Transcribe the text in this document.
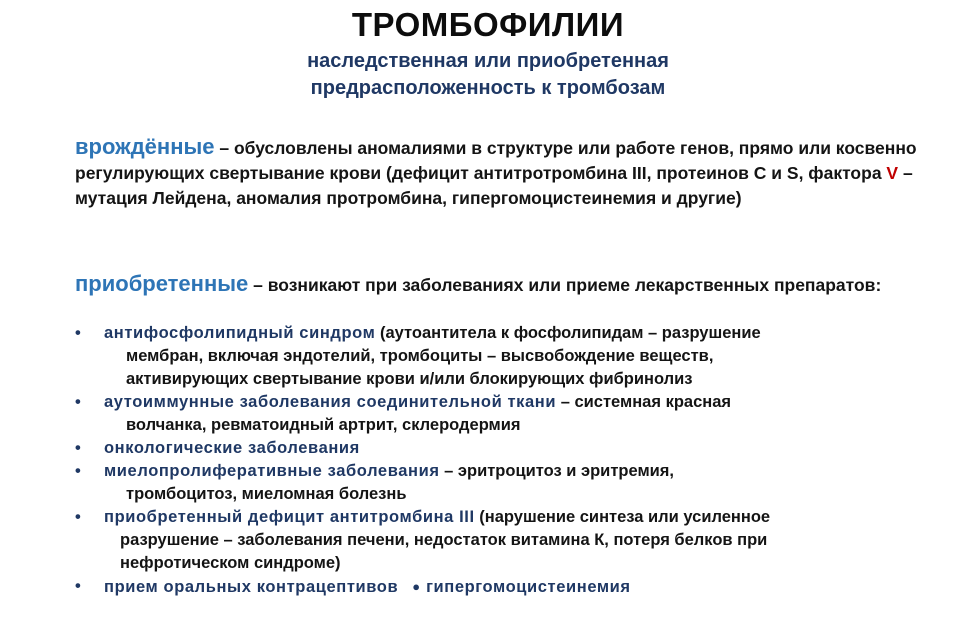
ТРОМБОФИЛИИ
наследственная или приобретенная
предрасположенность к тромбозам
врождённые – обусловлены аномалиями в структуре или работе генов, прямо или косвенно регулирующих свертывание крови (дефицит антитротромбина III, протеинов С и S, фактора V – мутация Лейдена, аномалия протромбина, гипергомоцистеинемия и другие)
приобретенные – возникают при заболеваниях или приеме лекарственных препаратов:
• антифосфолипидный синдром (аутоантитела к фосфолипидам – разрушение
мембран, включая эндотелий, тромбоциты – высвобождение веществ,
активирующих свертывание крови и/или блокирующих фибринолиз
• аутоиммунные заболевания соединительной ткани – системная красная
волчанка, ревматоидный артрит, склеродермия
• онкологические заболевания
• миелопролиферативные заболевания – эритроцитоз и эритремия,
тромбоцитоз, миеломная болезнь
• приобретенный дефицит антитромбина III (нарушение синтеза или усиленное
разрушение – заболевания печени, недостаток витамина К, потеря белков при
нефротическом синдроме)
• прием оральных контрацептивов ● гипергомоцистеинемия
